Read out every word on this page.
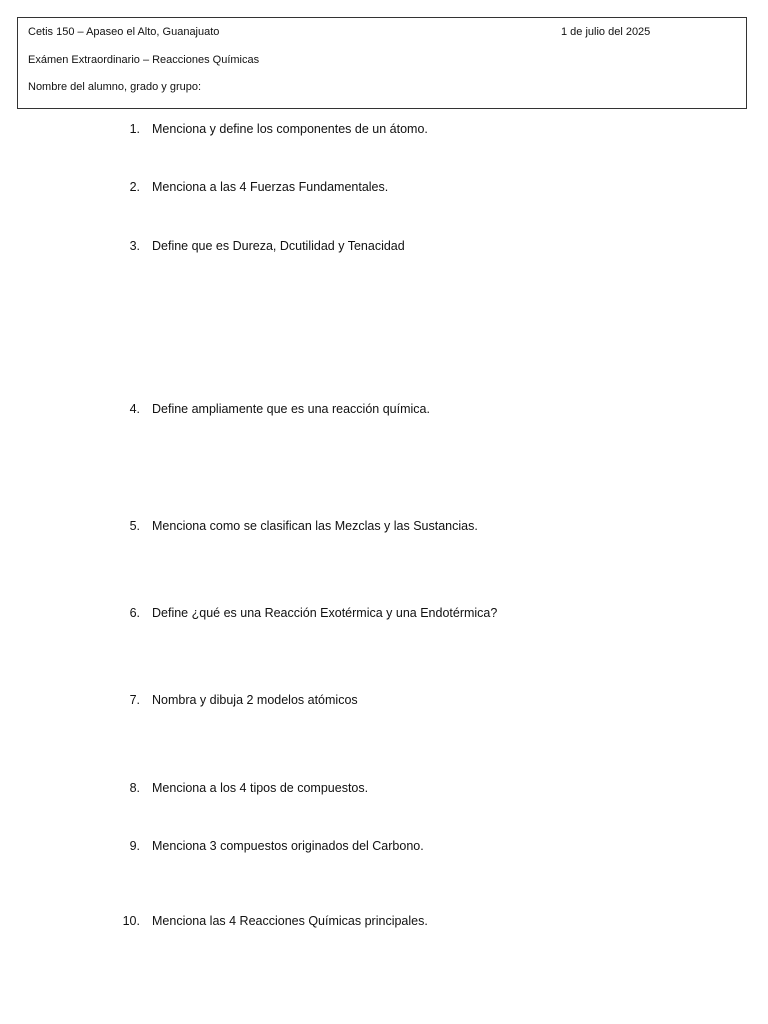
Cetis 150 – Apaseo el Alto, Guanajuato	1 de julio del 2025
Exámen Extraordinario – Reacciones Químicas
Nombre del alumno, grado y grupo:
1. Menciona y define los componentes de un átomo.
2. Menciona a las 4 Fuerzas Fundamentales.
3. Define que es Dureza, Dcutilidad y Tenacidad
4. Define ampliamente que es una reacción química.
5. Menciona como se clasifican las Mezclas y las Sustancias.
6. Define ¿qué es una Reacción Exotérmica y una Endotérmica?
7. Nombra y dibuja 2 modelos atómicos
8. Menciona a los 4 tipos de compuestos.
9. Menciona 3 compuestos originados del Carbono.
10. Menciona las 4 Reacciones Químicas principales.
